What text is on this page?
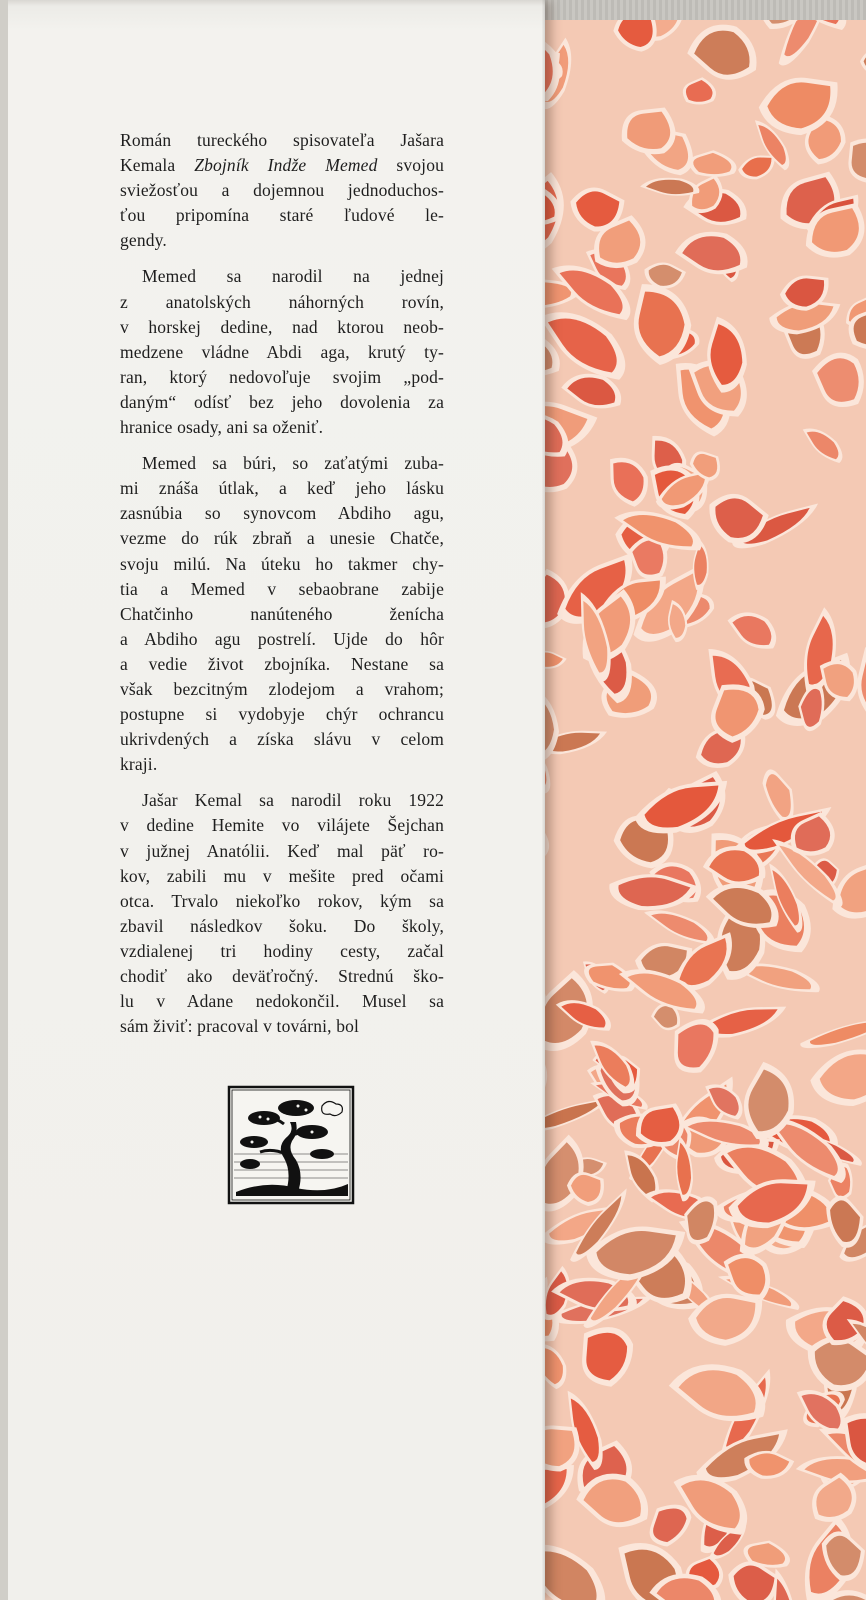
Román tureckého spisovateľa Jašara
Kemala Zbojník Indže Memed svojou
sviežosťou a dojemnou jednoduchos-
ťou pripomína staré ľudové le-
gendy.

Memed sa narodil na jednej
z anatolských náhorných rovín,
v horskej dedine, nad ktorou neob-
medzene vládne Abdi aga, krutý ty-
ran, ktorý nedovoľuje svojim „pod-
daným“ odísť bez jeho dovolenia za
hranice osady, ani sa oženiť.

Memed sa búri, so zaťatými zuba-
mi znáša útlak, a keď jeho lásku
zasnúbia so synovcom Abdiho agu,
vezme do rúk zbraň a unesie Chatče,
svoju milú. Na úteku ho takmer chy-
tia a Memed v sebaobrane zabije
Chatčinho nanúteného ženícha
a Abdiho agu postrelí. Ujde do hôr
a vedie život zbojníka. Nestane sa
však bezcitným zlodejom a vrahom;
postupne si vydobyje chýr ochrancu
ukrivdených a získa slávu v celom
kraji.

Jašar Kemal sa narodil roku 1922
v dedine Hemite vo vilájete Šejchan
v južnej Anatólii. Keď mal päť ro-
kov, zabili mu v mešite pred očami
otca. Trvalo niekoľko rokov, kým sa
zbavil následkov šoku. Do školy,
vzdialenej tri hodiny cesty, začal
chodiť ako deväťročný. Strednú ško-
lu v Adane nedokončil. Musel sa
sám živiť: pracoval v továrni, bol
